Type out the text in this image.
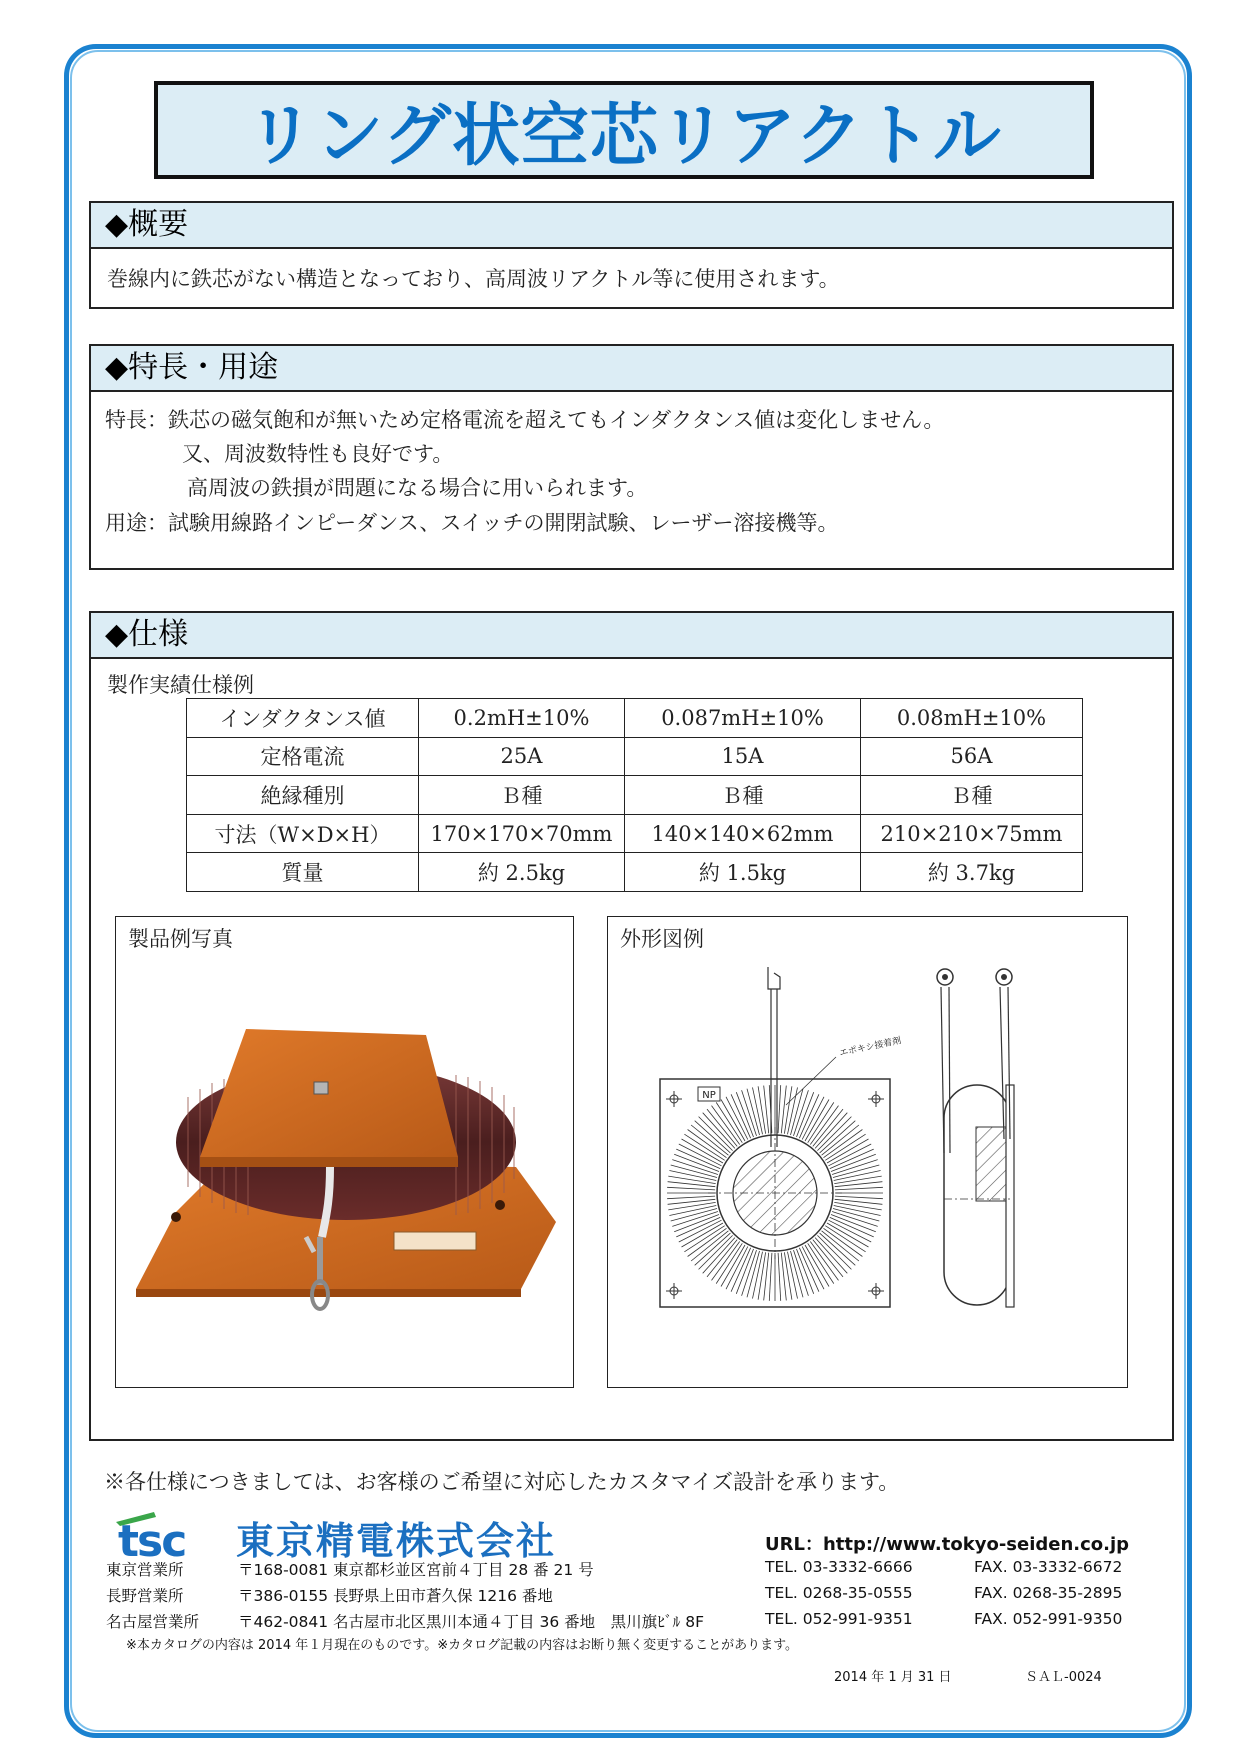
リング状空芯リアクトル
◆概要
巻線内に鉄芯がない構造となっており、高周波リアクトル等に使用されます。
◆特長・用途
特長：鉄芯の磁気飽和が無いため定格電流を超えてもインダクタンス値は変化しません。
又、周波数特性も良好です。
高周波の鉄損が問題になる場合に用いられます。
用途：試験用線路インピーダンス、スイッチの開閉試験、レーザー溶接機等。
◆仕様
製作実績仕様例
インダクタンス値	0.2mH±10%	0.087mH±10%	0.08mH±10%
定格電流	25A	15A	56A
絶縁種別	Ｂ種	Ｂ種	Ｂ種
寸法（W×D×H）	170×170×70mm	140×140×62mm	210×210×75mm
質量	約 2.5kg	約 1.5kg	約 3.7kg
製品例写真	外形図例
NP
エポキシ接着剤
※各仕様につきましては、お客様のご希望に対応したカスタマイズ設計を承ります。
tsc 東京精電株式会社	URL：http://www.tokyo-seiden.co.jp
東京営業所	〒168-0081 東京都杉並区宮前４丁目 28 番 21 号	TEL. 03-3332-6666	FAX. 03-3332-6672
長野営業所	〒386-0155 長野県上田市蒼久保 1216 番地	TEL. 0268-35-0555	FAX. 0268-35-2895
名古屋営業所	〒462-0841 名古屋市北区黒川本通４丁目 36 番地　黒川旗ﾋﾞﾙ 8F	TEL. 052-991-9351	FAX. 052-991-9350
※本カタログの内容は 2014 年１月現在のものです。※カタログ記載の内容はお断り無く変更することがあります。
2014 年 1 月 31 日	ＳＡＬ-0024
